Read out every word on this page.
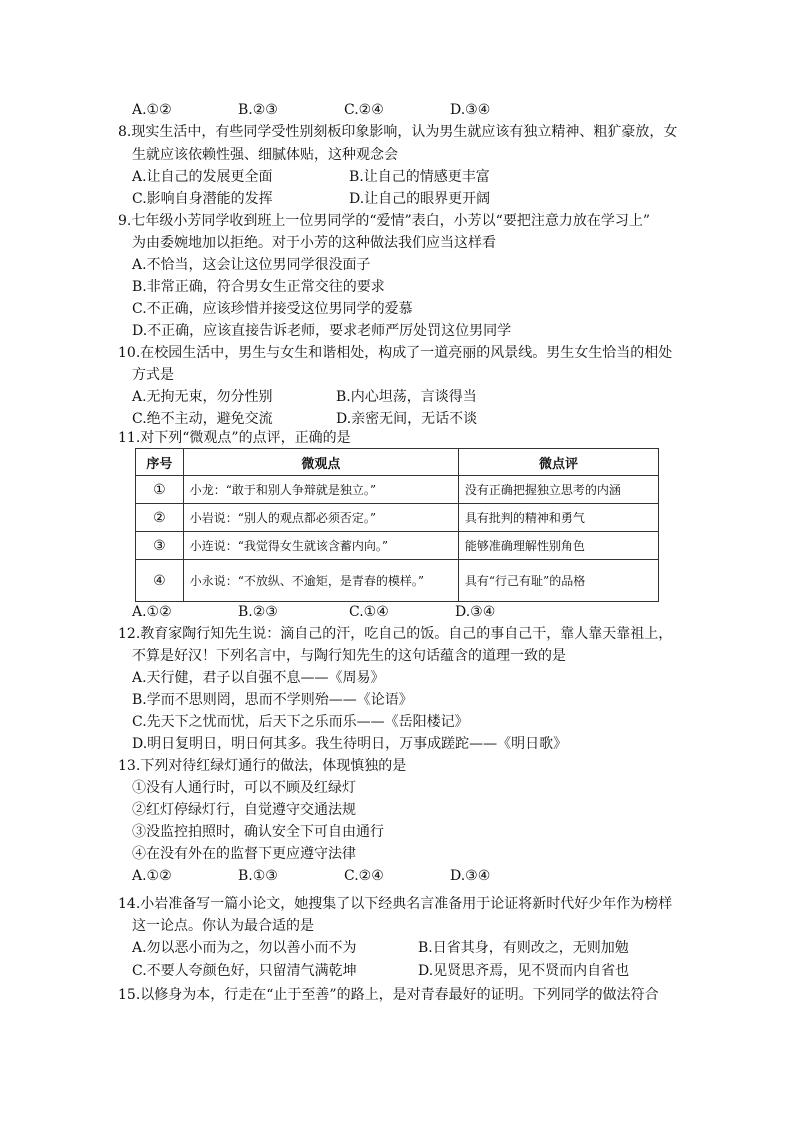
A.①②	B.②③	C.②④	D.③④
8.现实生活中，有些同学受性别刻板印象影响，认为男生就应该有独立精神、粗犷豪放，女
生就应该依赖性强、细腻体贴，这种观念会
A.让自己的发展更全面	B.让自己的情感更丰富
C.影响自身潜能的发挥	D.让自己的眼界更开阔
9.七年级小芳同学收到班上一位男同学的“爱情”表白，小芳以“要把注意力放在学习上”
为由委婉地加以拒绝。对于小芳的这种做法我们应当这样看
A.不恰当，这会让这位男同学很没面子
B.非常正确，符合男女生正常交往的要求
C.不正确，应该珍惜并接受这位男同学的爱慕
D.不正确，应该直接告诉老师，要求老师严厉处罚这位男同学
10.在校园生活中，男生与女生和谐相处，构成了一道亮丽的风景线。男生女生恰当的相处
方式是
A.无拘无束，勿分性别	B.内心坦荡，言谈得当
C.绝不主动，避免交流	D.亲密无间，无话不谈
11.对下列“微观点”的点评，正确的是
序号	微观点	微点评
①	小龙：“敢于和别人争辩就是独立。”	没有正确把握独立思考的内涵
②	小岩说：“别人的观点都必须否定。”	具有批判的精神和勇气
③	小连说：“我觉得女生就该含蓄内向。”	能够准确理解性别角色
④	小永说：“不放纵、不逾矩，是青春的模样。”	具有“行己有耻”的品格
A.①②	B.②③	C.①④	D.③④
12.教育家陶行知先生说：滴自己的汗，吃自己的饭。自己的事自己干，靠人靠天靠祖上，
不算是好汉！下列名言中，与陶行知先生的这句话蕴含的道理一致的是
A.天行健，君子以自强不息——《周易》
B.学而不思则罔，思而不学则殆——《论语》
C.先天下之忧而忧，后天下之乐而乐——《岳阳楼记》
D.明日复明日，明日何其多。我生待明日，万事成蹉跎——《明日歌》
13.下列对待红绿灯通行的做法，体现慎独的是
①没有人通行时，可以不顾及红绿灯
②红灯停绿灯行，自觉遵守交通法规
③没监控拍照时，确认安全下可自由通行
④在没有外在的监督下更应遵守法律
A.①②	B.①③	C.②④	D.③④
14.小岩准备写一篇小论文，她搜集了以下经典名言准备用于论证将新时代好少年作为榜样
这一论点。你认为最合适的是
A.勿以恶小而为之，勿以善小而不为	B.日省其身，有则改之，无则加勉
C.不要人夸颜色好，只留清气满乾坤	D.见贤思齐焉，见不贤而内自省也
15.以修身为本，行走在“止于至善”的路上，是对青春最好的证明。下列同学的做法符合
